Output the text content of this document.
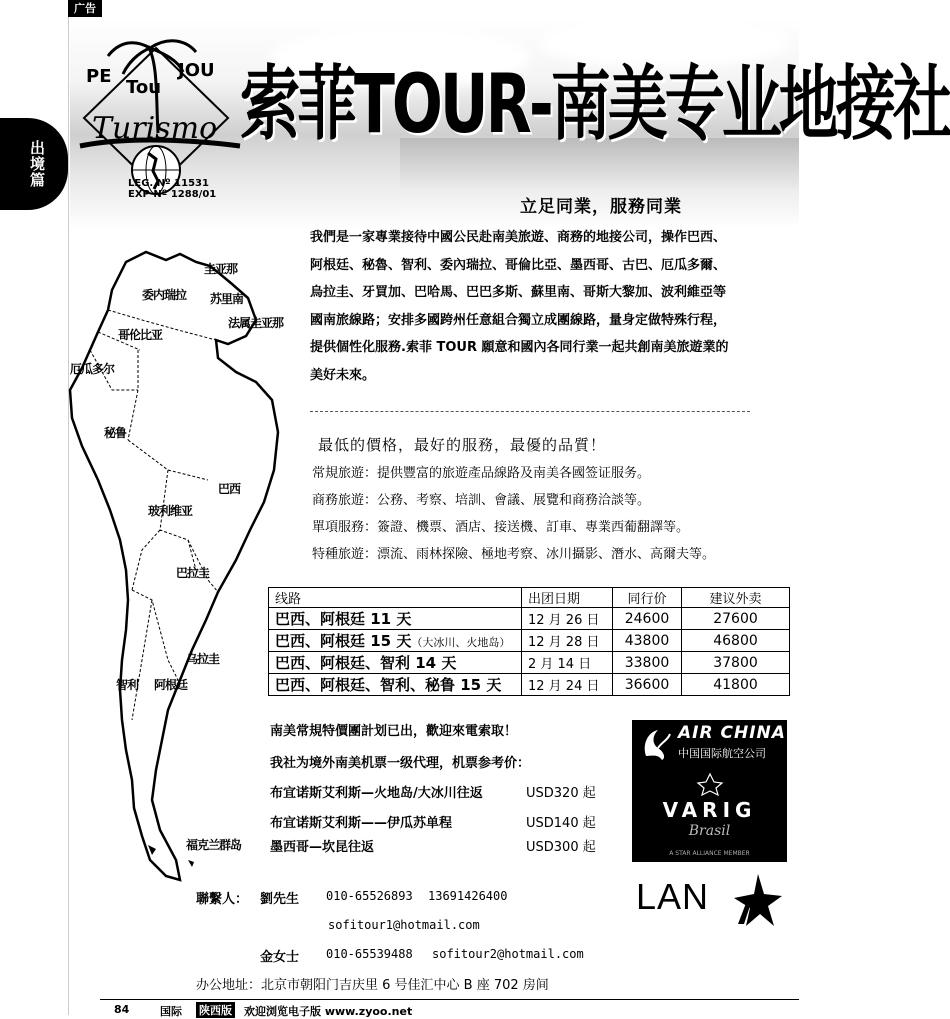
广告
出境篇
PE
Tou
JOU
Turismo
LEG. Nº 11531
EXP Nº 1288/01
索菲TOUR-南美专业地接社
立足同業，服務同業

我們是一家專業接待中國公民赴南美旅遊、商務的地接公司，操作巴西、

阿根廷、秘魯、智利、委內瑞拉、哥倫比亞、墨西哥、古巴、厄瓜多爾、

烏拉圭、牙買加、巴哈馬、巴巴多斯、蘇里南、哥斯大黎加、波利維亞等

國南旅線路；安排多國跨州任意組合獨立成團線路，量身定做特殊行程，

提供個性化服務.索菲 TOUR 願意和國內各同行業一起共創南美旅遊業的

美好未來。

最低的價格，最好的服務，最優的品質！

常規旅遊：提供豐富的旅遊產品線路及南美各國签证服务。

商務旅遊：公務、考察、培訓、會議、展覽和商務洽談等。

單項服務：簽證、機票、酒店、接送機、訂車、專業西葡翻譯等。

特種旅遊：漂流、雨林探險、極地考察、冰川攝影、潛水、高爾夫等。

圭亚那
委内瑞拉 苏里南
法属圭亚那
哥伦比亚
厄瓜多尔
秘鲁
巴西
玻利维亚
巴拉圭
乌拉圭
智利 阿根廷
福克兰群岛
线路	出团日期	同行价	建议外卖
巴西、阿根廷 11 天	12 月 26 日	24600	27600
巴西、阿根廷 15 天（大冰川、火地岛）	12 月 28 日	43800	46800
巴西、阿根廷、智利 14 天	2 月 14 日	33800	37800
巴西、阿根廷、智利、秘鲁 15 天	12 月 24 日	36600	41800
南美常規特價團計划已出，歡迎來電索取！
我社为境外南美机票一级代理，机票参考价：
布宜诺斯艾利斯—火地岛/大冰川往返	USD320 起
布宜诺斯艾利斯——伊瓜苏单程	USD140 起
墨西哥—坎昆往返	USD300 起
AIR CHINA
中国国际航空公司
VARIG
Brasil
A STAR ALLIANCE MEMBER
LAN
聯繫人： 劉先生 010-65526893 13691426400
sofitour1@hotmail.com
金女士 010-65539488 sofitour2@hotmail.com
办公地址：北京市朝阳门吉庆里 6 号佳汇中心 B 座 702 房间
84	国际 陕西版 欢迎浏览电子版 www.zyoo.net
